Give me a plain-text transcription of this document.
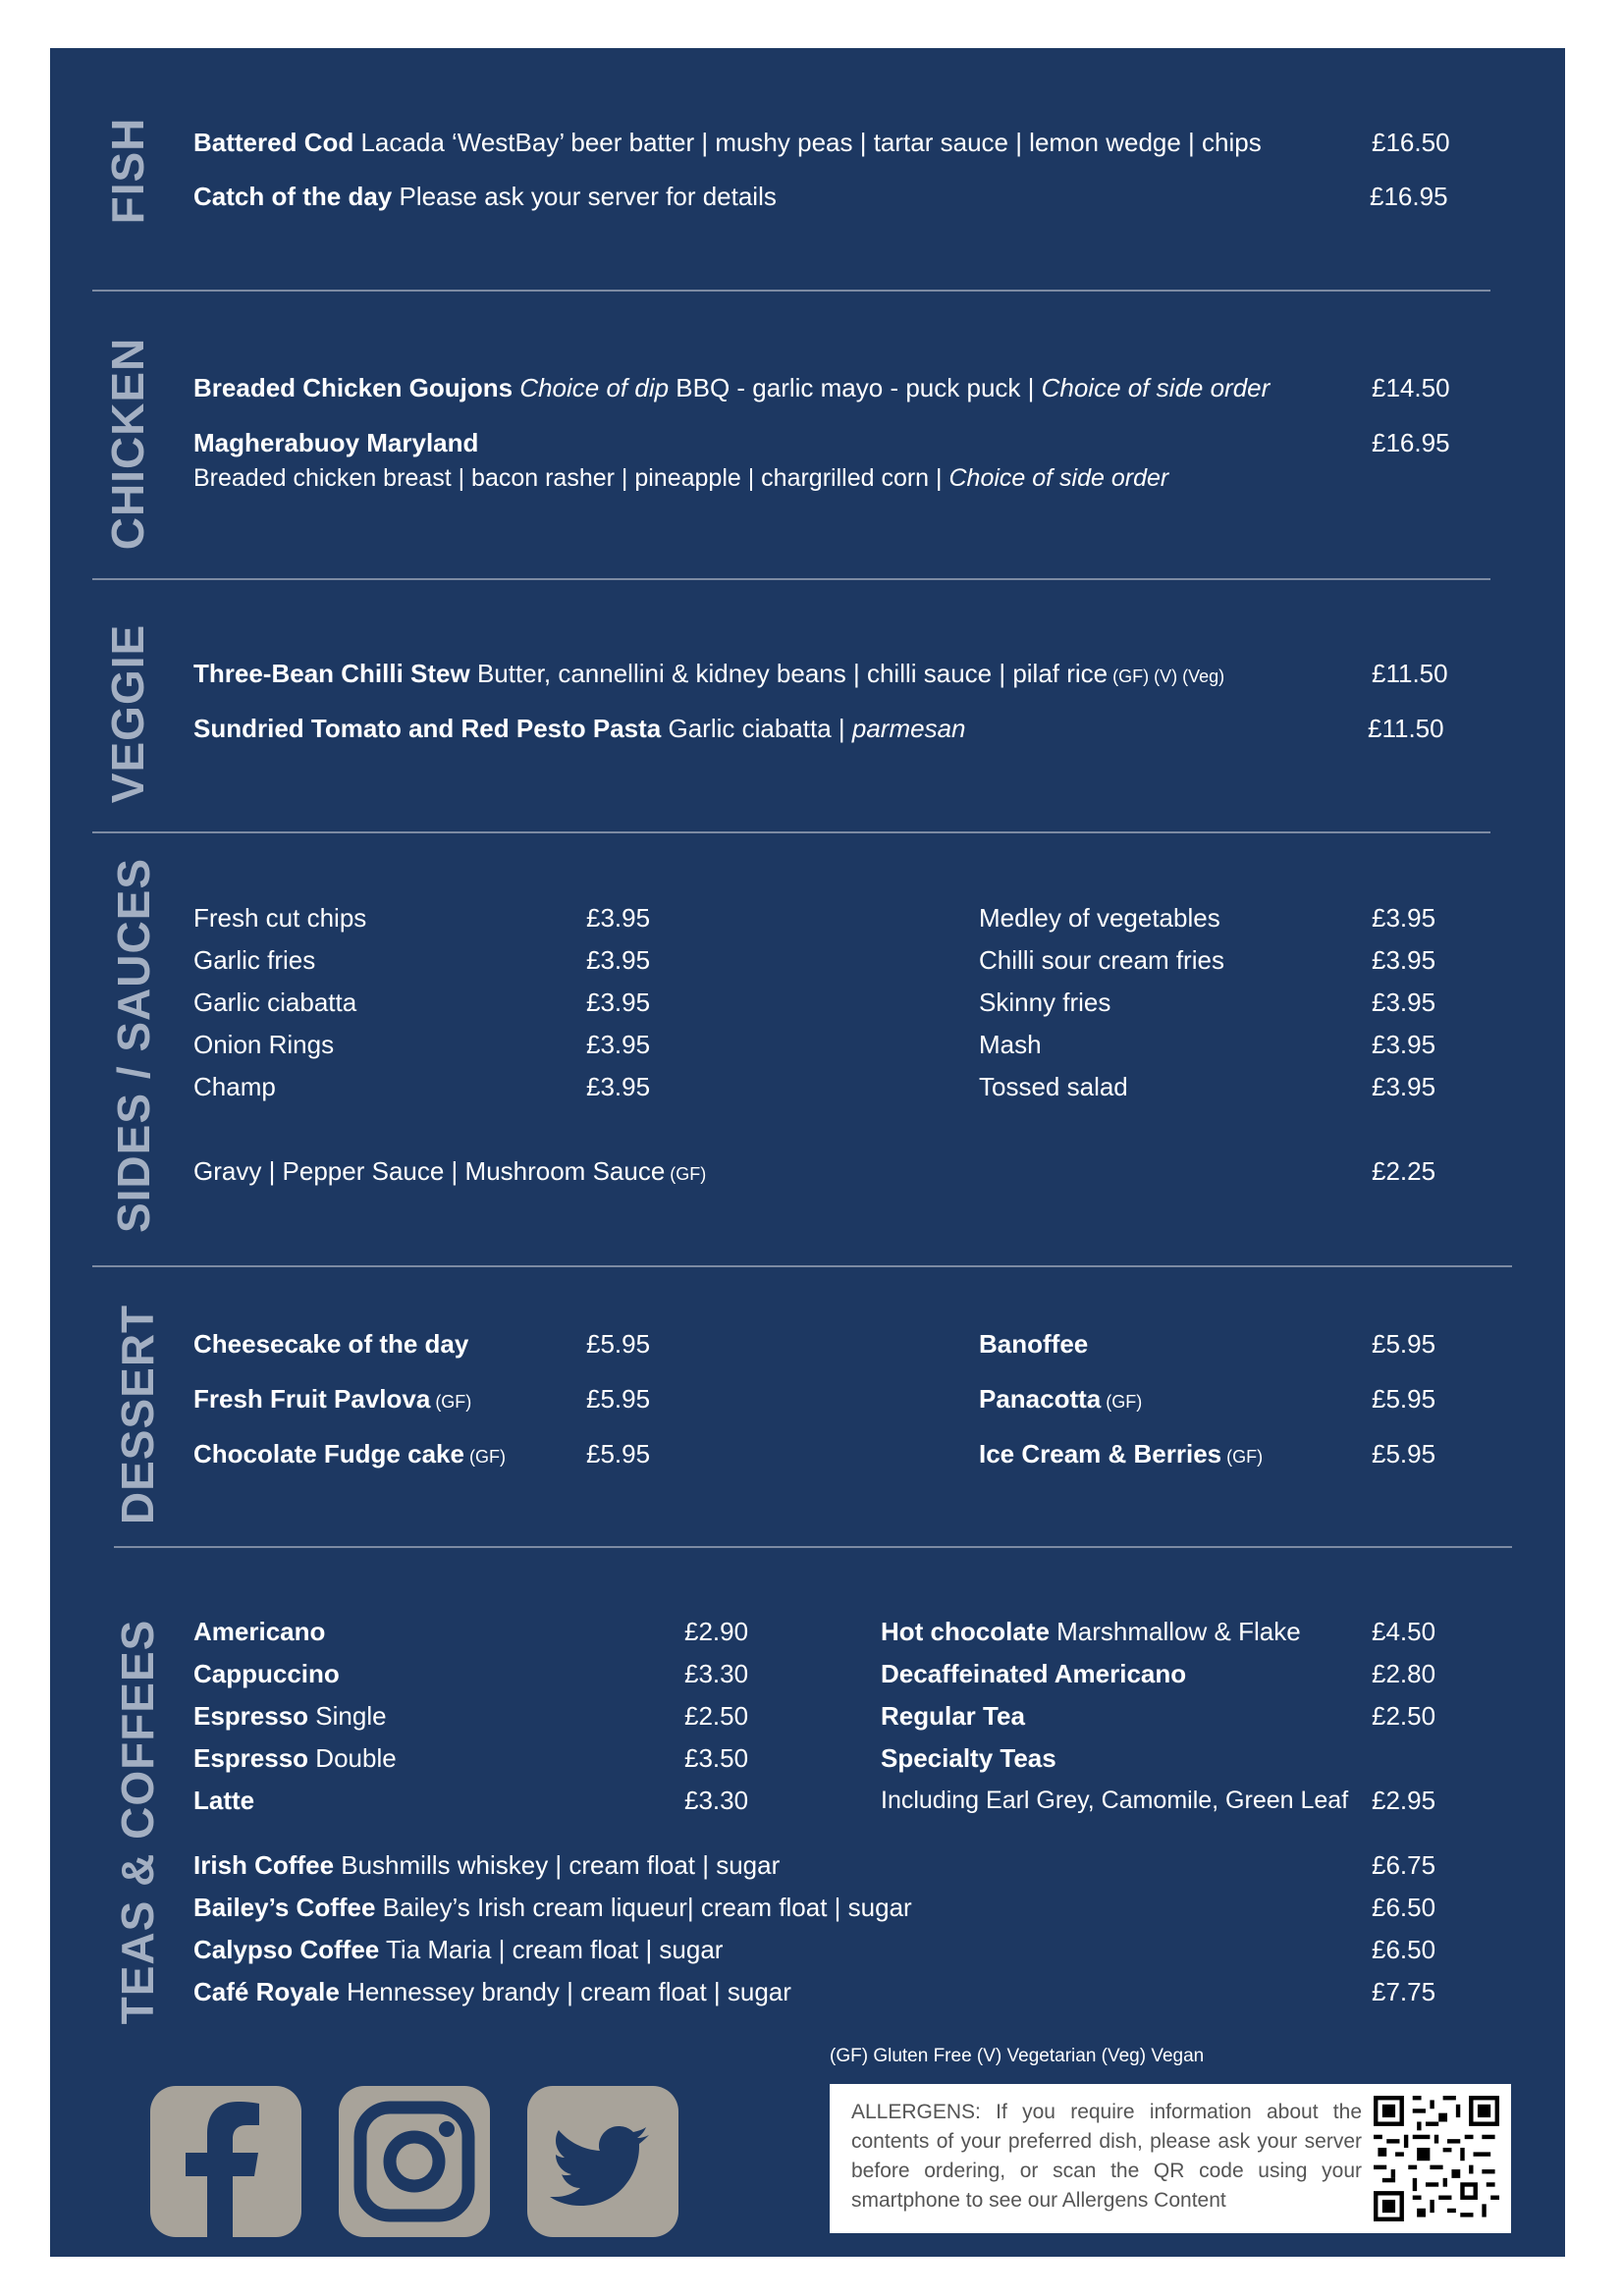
FISH
CHICKEN
VEGGIE
SIDES / SAUCES
DESSERT
TEAS & COFFEES
Battered Cod Lacada ‘WestBay’ beer batter | mushy peas | tartar sauce | lemon wedge | chips	£16.50
Catch of the day Please ask your server for details	£16.95
Breaded Chicken Goujons Choice of dip BBQ - garlic mayo - puck puck | Choice of side order	£14.50
Magherabuoy Maryland	£16.95
Breaded chicken breast | bacon rasher | pineapple | chargrilled corn | Choice of side order
Three-Bean Chilli Stew Butter, cannellini & kidney beans | chilli sauce | pilaf rice (GF) (V) (Veg)	£11.50
Sundried Tomato and Red Pesto Pasta Garlic ciabatta | parmesan	£11.50
Fresh cut chips	£3.95
Garlic fries	£3.95
Garlic ciabatta	£3.95
Onion Rings	£3.95
Champ	£3.95
Medley of vegetables	£3.95
Chilli sour cream fries	£3.95
Skinny fries	£3.95
Mash	£3.95
Tossed salad	£3.95
Gravy | Pepper Sauce | Mushroom Sauce (GF)	£2.25
Cheesecake of the day	£5.95
Fresh Fruit Pavlova (GF)	£5.95
Chocolate Fudge cake (GF)	£5.95
Banoffee	£5.95
Panacotta (GF)	£5.95
Ice Cream & Berries (GF)	£5.95
Americano	£2.90
Cappuccino	£3.30
Espresso Single	£2.50
Espresso Double	£3.50
Latte	£3.30
Hot chocolate Marshmallow & Flake	£4.50
Decaffeinated Americano	£2.80
Regular Tea	£2.50
Specialty Teas
Including Earl Grey, Camomile, Green Leaf £2.95
Irish Coffee Bushmills whiskey | cream float | sugar	£6.75
Bailey’s Coffee Bailey’s Irish cream liqueur| cream float | sugar	£6.50
Calypso Coffee Tia Maria | cream float | sugar	£6.50
Café Royale Hennessey brandy | cream float | sugar	£7.75
(GF) Gluten Free (V) Vegetarian (Veg) Vegan
ALLERGENS: If you require information about the contents of your preferred dish, please ask your server before ordering, or scan the QR code using your smartphone to see our Allergens Content
